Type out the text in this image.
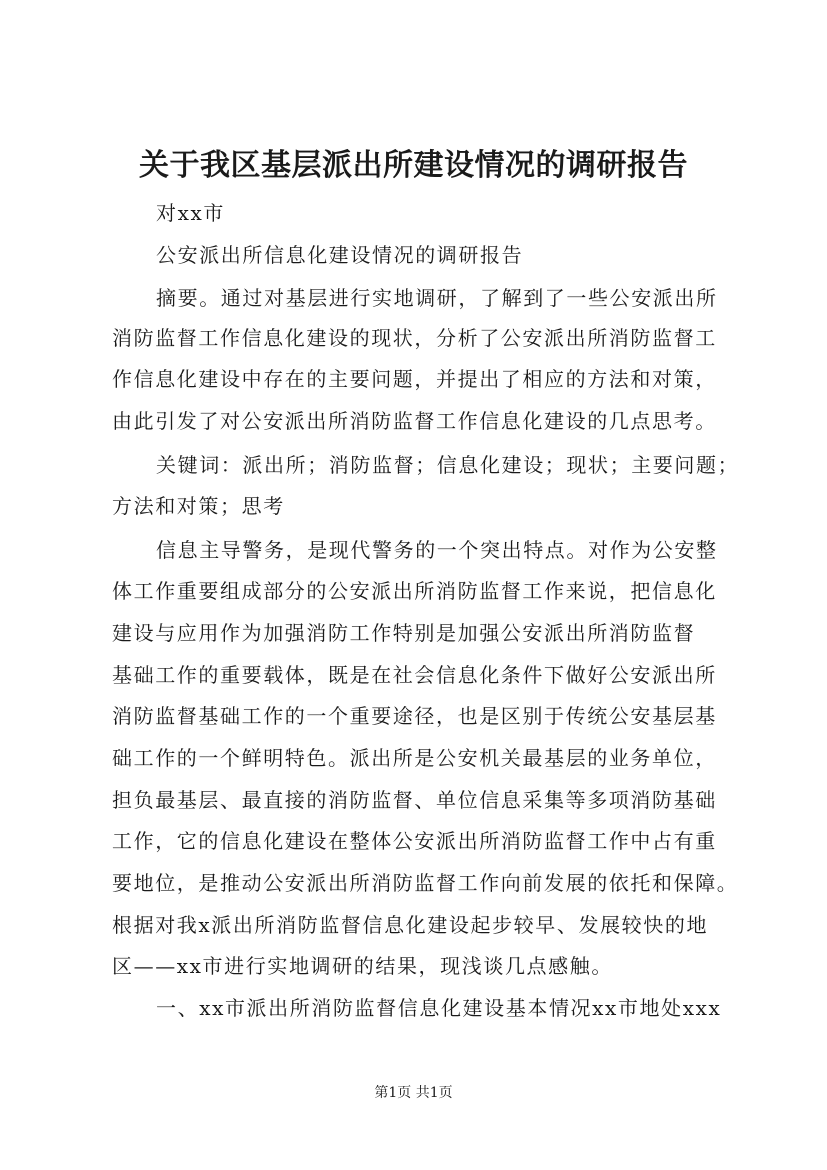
关于我区基层派出所建设情况的调研报告
对xx市
公安派出所信息化建设情况的调研报告
摘要。通过对基层进行实地调研，了解到了一些公安派出所
消防监督工作信息化建设的现状，分析了公安派出所消防监督工
作信息化建设中存在的主要问题，并提出了相应的方法和对策，
由此引发了对公安派出所消防监督工作信息化建设的几点思考。
关键词：派出所；消防监督；信息化建设；现状；主要问题；
方法和对策；思考
信息主导警务，是现代警务的一个突出特点。对作为公安整
体工作重要组成部分的公安派出所消防监督工作来说，把信息化
建设与应用作为加强消防工作特别是加强公安派出所消防监督
基础工作的重要载体，既是在社会信息化条件下做好公安派出所
消防监督基础工作的一个重要途径，也是区别于传统公安基层基
础工作的一个鲜明特色。派出所是公安机关最基层的业务单位，
担负最基层、最直接的消防监督、单位信息采集等多项消防基础
工作，它的信息化建设在整体公安派出所消防监督工作中占有重
要地位，是推动公安派出所消防监督工作向前发展的依托和保障。
根据对我x派出所消防监督信息化建设起步较早、发展较快的地
区——xx市进行实地调研的结果，现浅谈几点感触。
一、xx市派出所消防监督信息化建设基本情况xx市地处xxx
第1页 共1页
